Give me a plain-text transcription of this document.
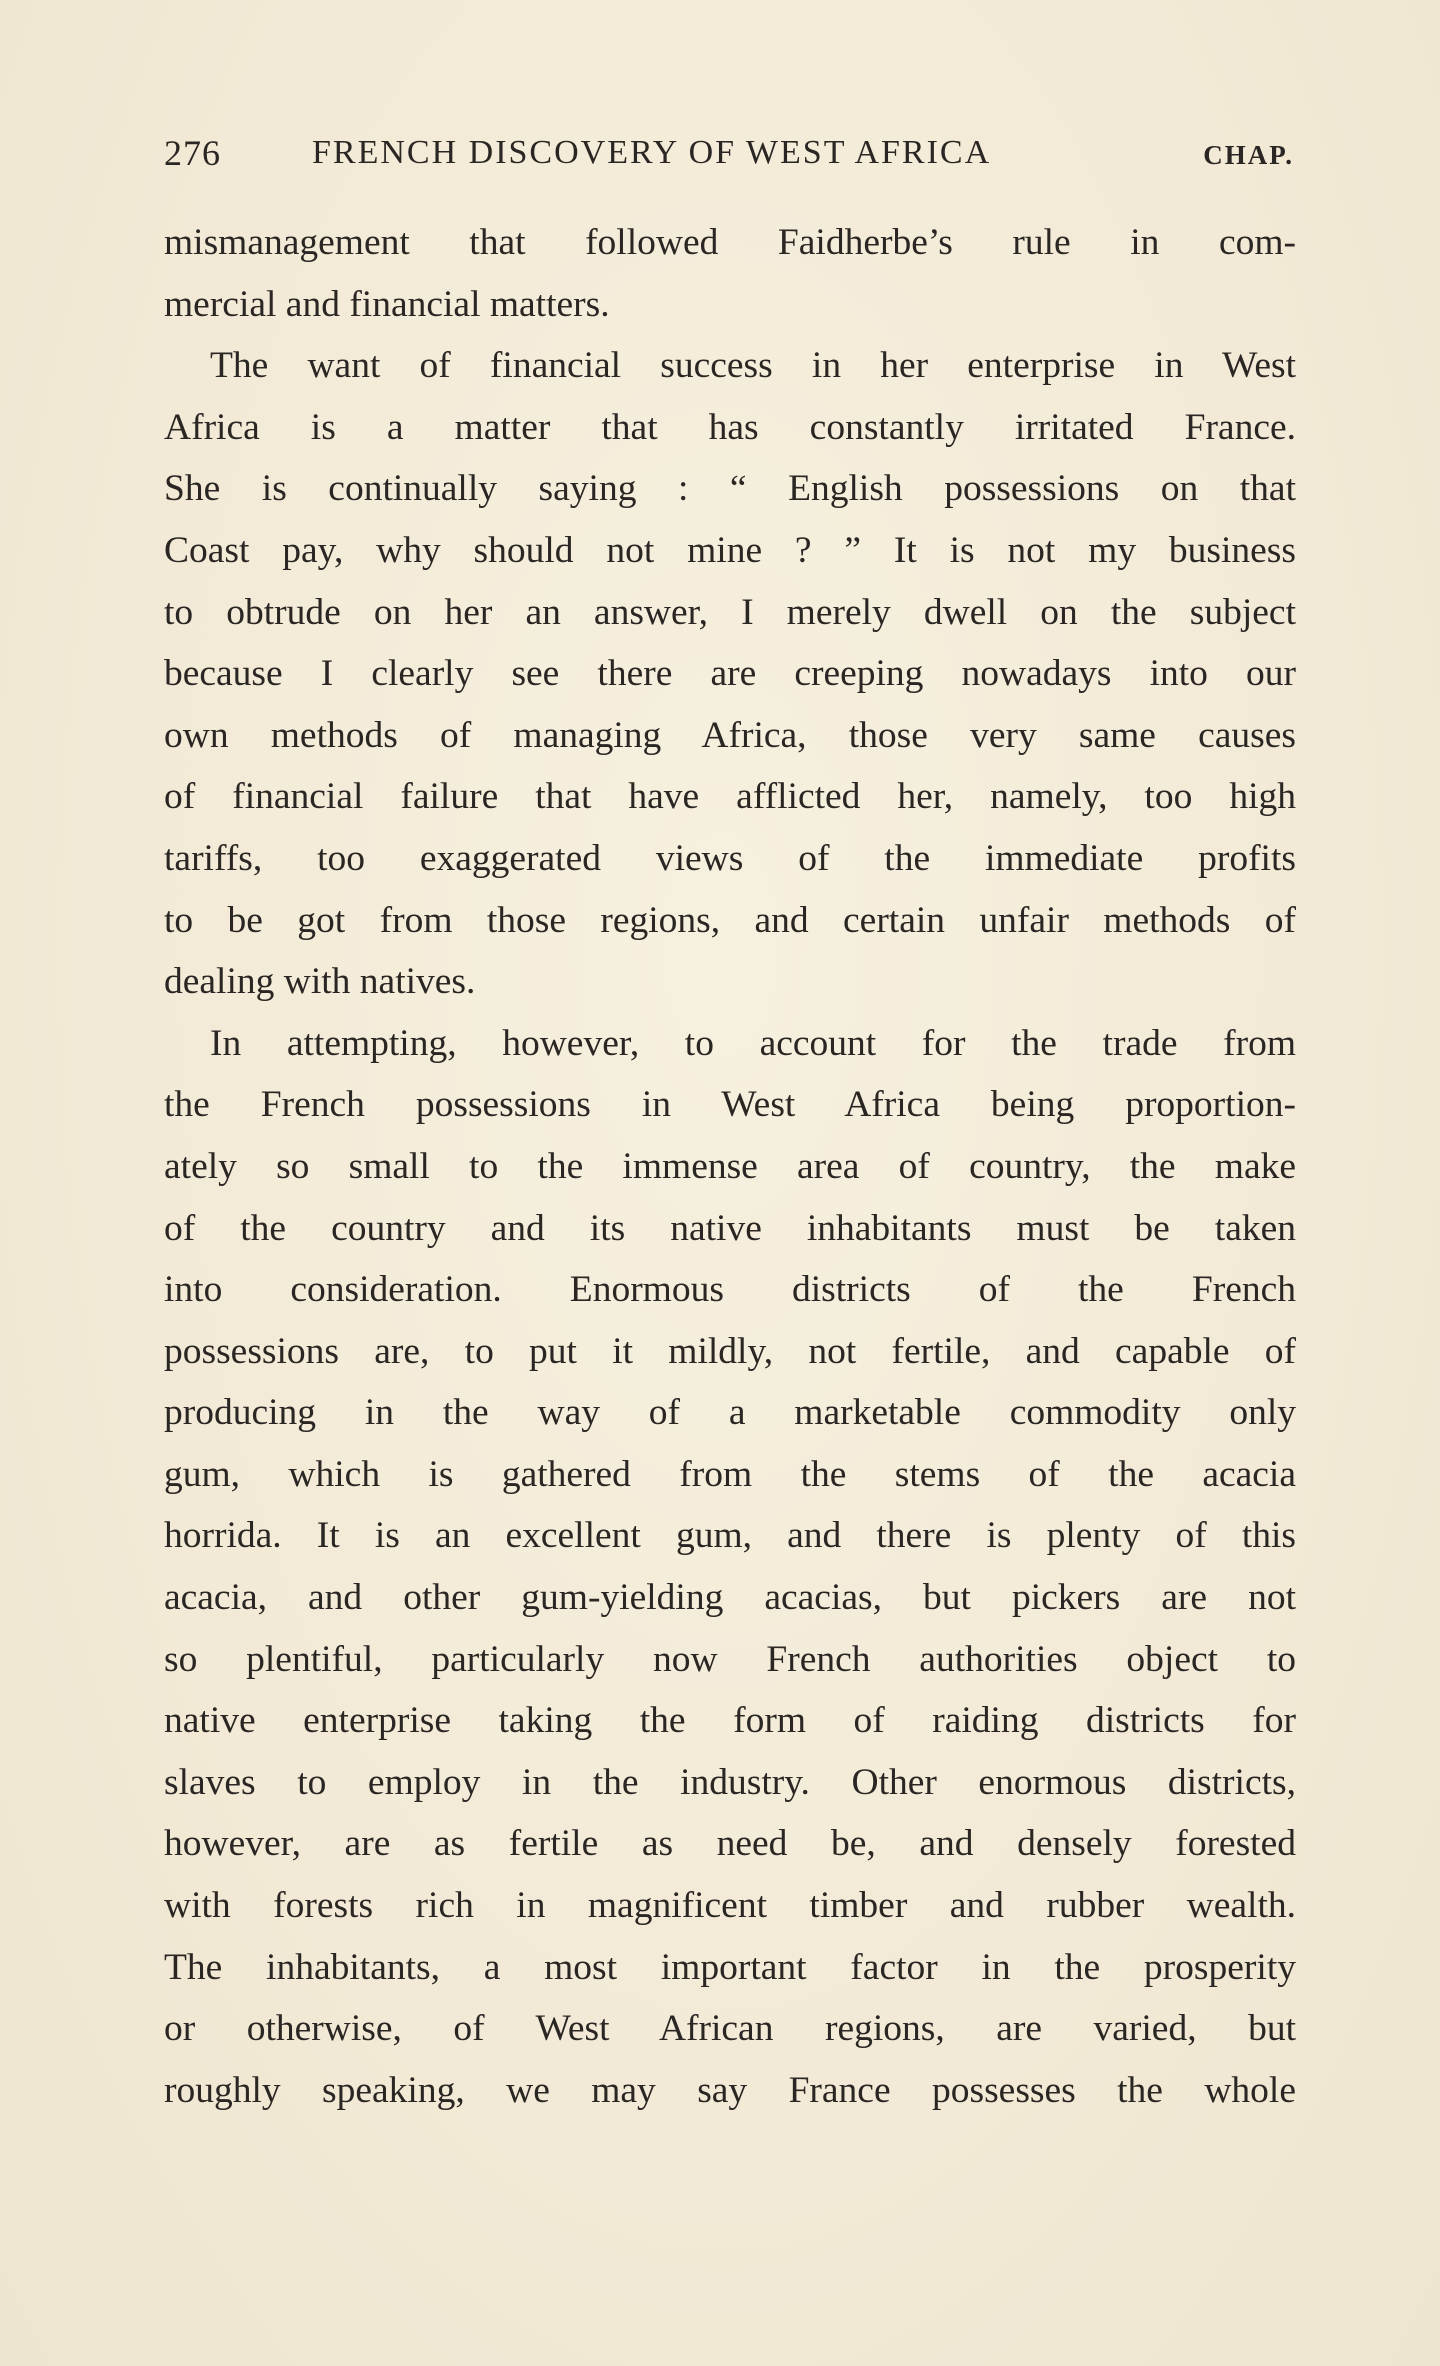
276	FRENCH DISCOVERY OF WEST AFRICA	CHAP.
mismanagement that followed Faidherbe’s rule in com-
mercial and financial matters.
The want of financial success in her enterprise in West
Africa is a matter that has constantly irritated France.
She is continually saying : “ English possessions on that
Coast pay, why should not mine ? ” It is not my business
to obtrude on her an answer, I merely dwell on the subject
because I clearly see there are creeping nowadays into our
own methods of managing Africa, those very same causes
of financial failure that have afflicted her, namely, too high
tariffs, too exaggerated views of the immediate profits
to be got from those regions, and certain unfair methods of
dealing with natives.
In attempting, however, to account for the trade from
the French possessions in West Africa being proportion-
ately so small to the immense area of country, the make
of the country and its native inhabitants must be taken
into consideration. Enormous districts of the French
possessions are, to put it mildly, not fertile, and capable of
producing in the way of a marketable commodity only
gum, which is gathered from the stems of the acacia
horrida. It is an excellent gum, and there is plenty of this
acacia, and other gum-yielding acacias, but pickers are not
so plentiful, particularly now French authorities object to
native enterprise taking the form of raiding districts for
slaves to employ in the industry. Other enormous districts,
however, are as fertile as need be, and densely forested
with forests rich in magnificent timber and rubber wealth.
The inhabitants, a most important factor in the prosperity
or otherwise, of West African regions, are varied, but
roughly speaking, we may say France possesses the whole
